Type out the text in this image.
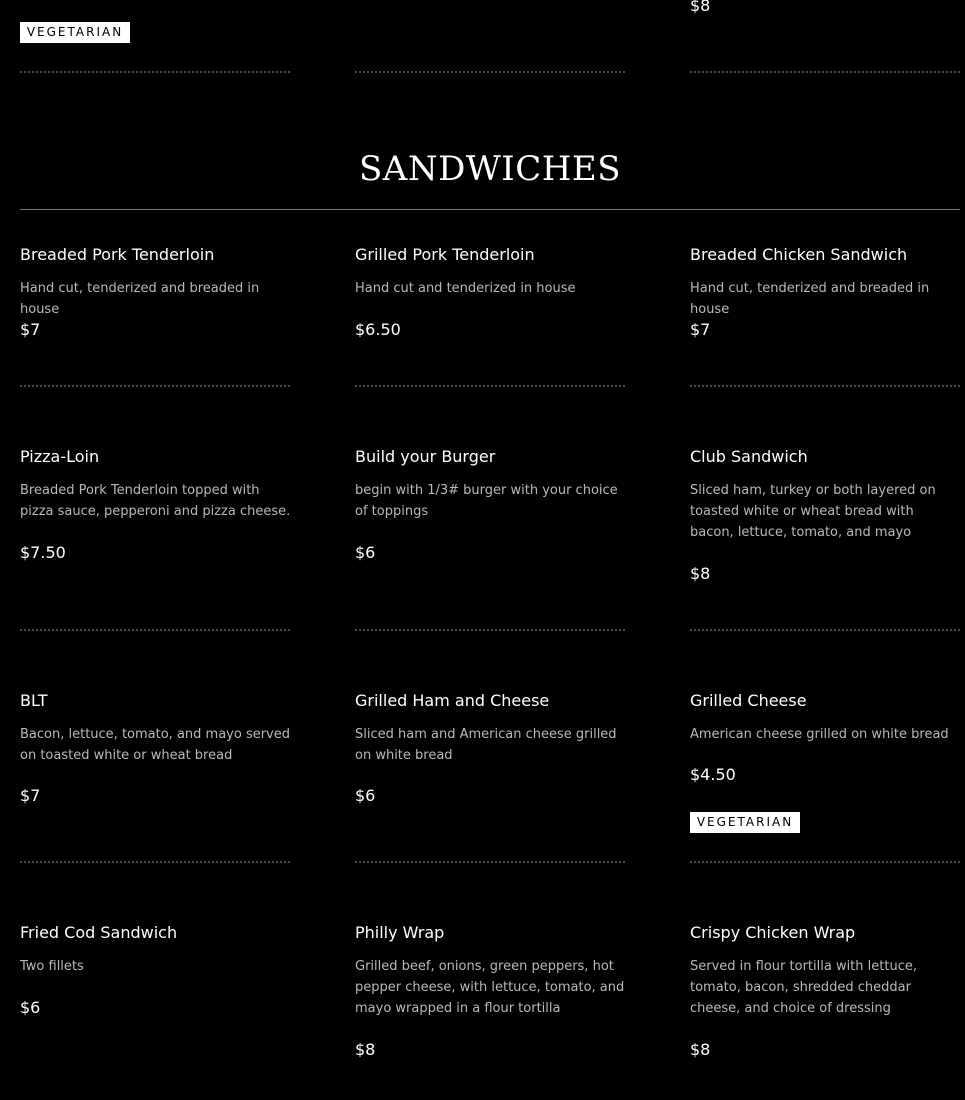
VEGETARIAN
$8
SANDWICHES
Breaded Pork Tenderloin
Hand cut, tenderized and breaded in house
$7
Grilled Pork Tenderloin
Hand cut and tenderized in house
$6.50
Breaded Chicken Sandwich
Hand cut, tenderized and breaded in house
$7
Pizza-Loin
Breaded Pork Tenderloin topped with pizza sauce, pepperoni and pizza cheese.
$7.50
Build your Burger
begin with 1/3# burger with your choice of toppings
$6
Club Sandwich
Sliced ham, turkey or both layered on toasted white or wheat bread with bacon, lettuce, tomato, and mayo
$8
BLT
Bacon, lettuce, tomato, and mayo served on toasted white or wheat bread
$7
Grilled Ham and Cheese
Sliced ham and American cheese grilled on white bread
$6
Grilled Cheese
American cheese grilled on white bread
$4.50
VEGETARIAN
Fried Cod Sandwich
Two fillets
$6
Philly Wrap
Grilled beef, onions, green peppers, hot pepper cheese, with lettuce, tomato, and mayo wrapped in a flour tortilla
$8
Crispy Chicken Wrap
Served in flour tortilla with lettuce, tomato, bacon, shredded cheddar cheese, and choice of dressing
$8
